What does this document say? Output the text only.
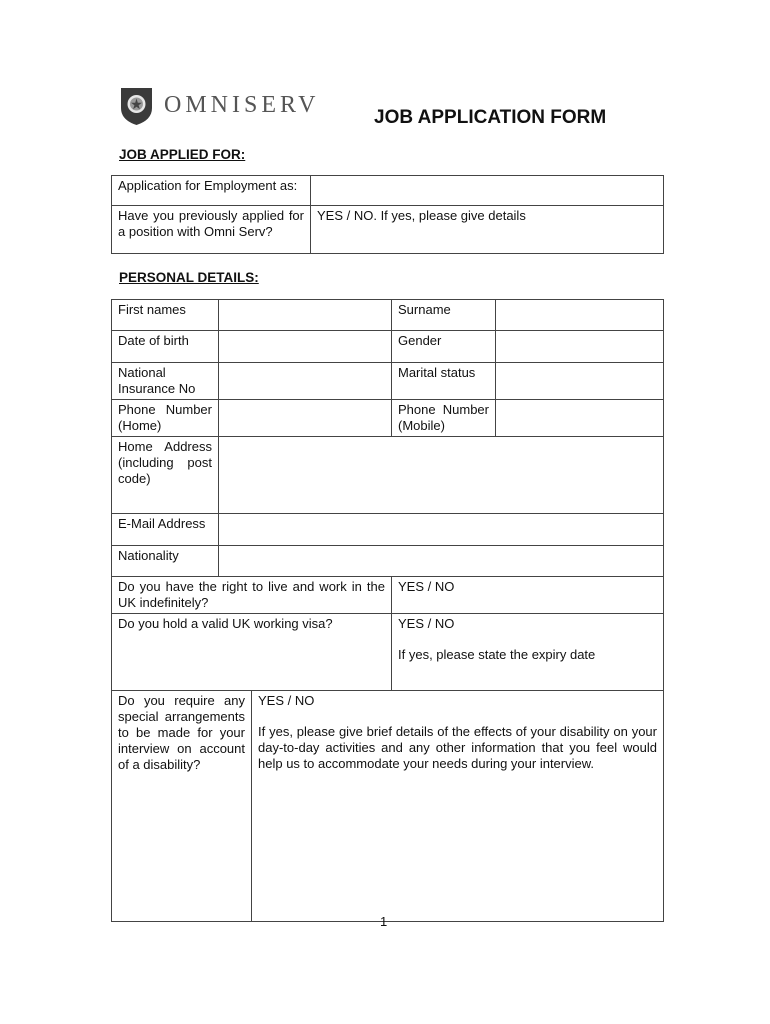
OMNISERV	JOB APPLICATION FORM
JOB APPLIED FOR:
Application for Employment as:	
Have you previously applied for a position with Omni Serv?	YES / NO. If yes, please give details
PERSONAL DETAILS:
First names			Surname	
Date of birth			Gender	
National Insurance No			Marital status	
Phone Number (Home)			Phone Number (Mobile)	
Home Address (including post code)				
E-Mail Address				
Nationality				
Do you have the right to live and work in the UK indefinitely?			YES / NO	
Do you hold a valid UK working visa?			YES / NO
If yes, please state the expiry date	

Do you require any special arrangements to be made for your interview on account of a disability?		YES / NO
If yes, please give brief details of the effects of your disability on your day-to-day activities and any other information that you feel would help us to accommodate your needs during your interview.		
1
